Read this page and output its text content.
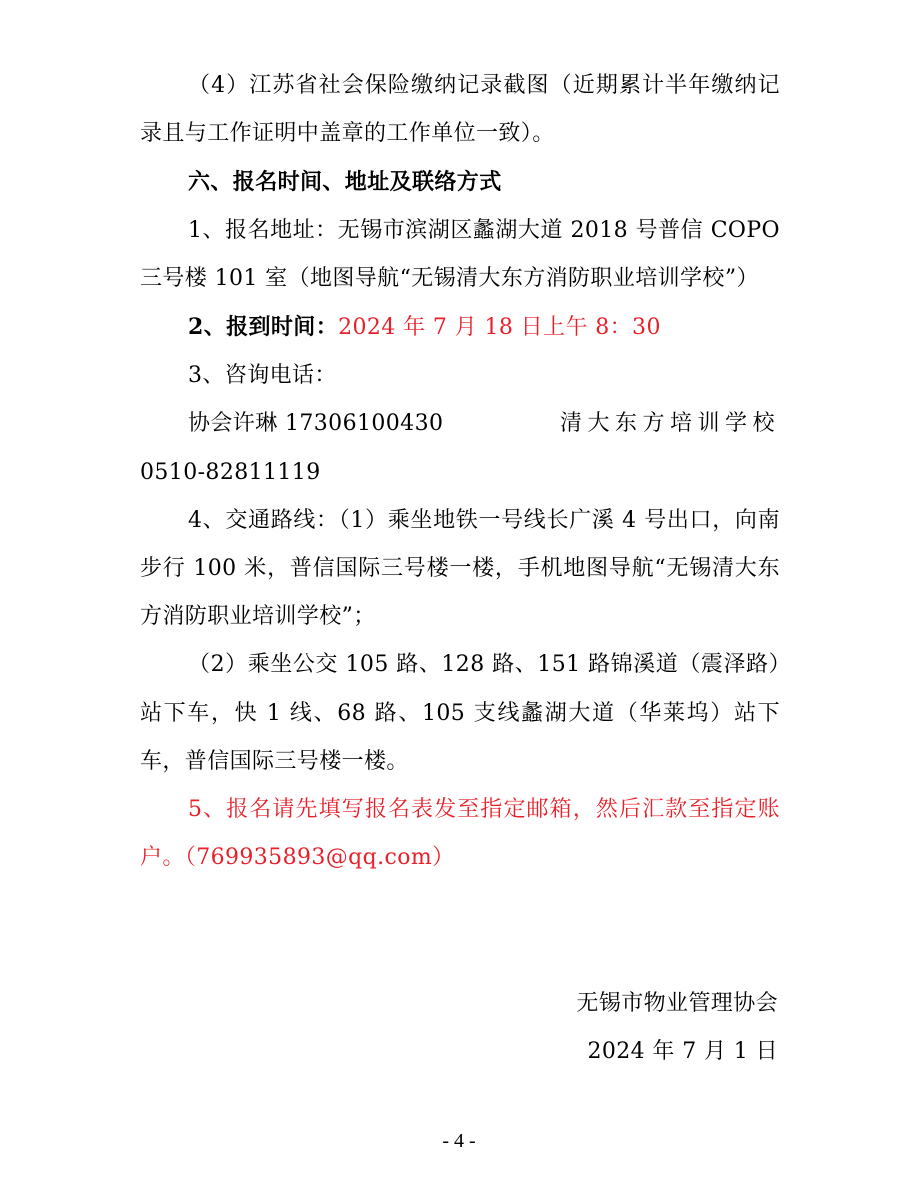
（4）江苏省社会保险缴纳记录截图（近期累计半年缴纳记录且与工作证明中盖章的工作单位一致）。

六、报名时间、地址及联络方式

1、报名地址：无锡市滨湖区蠡湖大道 2018 号普信 COPO 三号楼 101 室（地图导航“无锡清大东方消防职业培训学校”）

2、报到时间：2024 年 7 月 18 日上午 8：30

3、咨询电话：

协会许琳 17306100430	清大东方培训学校

0510-82811119

4、交通路线：（1）乘坐地铁一号线长广溪 4 号出口，向南步行 100 米，普信国际三号楼一楼，手机地图导航“无锡清大东方消防职业培训学校”；

（2）乘坐公交 105 路、128 路、151 路锦溪道（震泽路）站下车，快 1 线、68 路、105 支线蠡湖大道（华莱坞）站下车，普信国际三号楼一楼。

5、报名请先填写报名表发至指定邮箱，然后汇款至指定账户。（769935893@qq.com）

无锡市物业管理协会
2024 年 7 月 1 日
- 4 -
